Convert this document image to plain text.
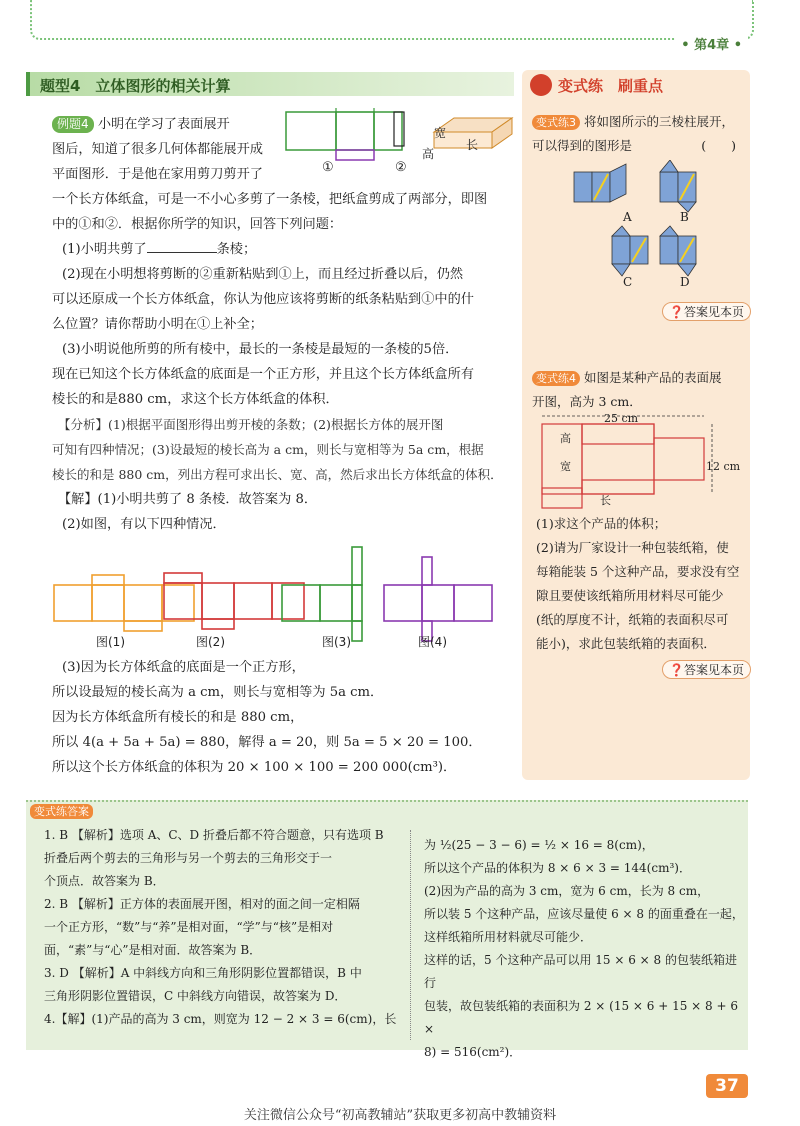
• 第4章 •
题型4　立体图形的相关计算
例题4 小明在学习了表面展开
图后，知道了很多几何体都能展开成
平面图形．于是他在家用剪刀剪开了	①	②
宽
高
长
一个长方体纸盒，可是一不小心多剪了一条棱，把纸盒剪成了两部分，即图
中的①和②．根据你所学的知识，回答下列问题：
(1)小明共剪了	条棱；
(2)现在小明想将剪断的②重新粘贴到①上，而且经过折叠以后，仍然
可以还原成一个长方体纸盒，你认为他应该将剪断的纸条粘贴到①中的什
么位置？请你帮助小明在①上补全；
(3)小明说他所剪的所有棱中，最长的一条棱是最短的一条棱的5倍．
现在已知这个长方体纸盒的底面是一个正方形，并且这个长方体纸盒所有
棱长的和是880 cm，求这个长方体纸盒的体积．
【分析】(1)根据平面图形得出剪开棱的条数；(2)根据长方体的展开图
可知有四种情况；(3)设最短的棱长高为 a cm，则长与宽相等为 5a cm，根据
棱长的和是 880 cm，列出方程可求出长、宽、高，然后求出长方体纸盒的体积．
【解】(1)小明共剪了 8 条棱．故答案为 8．
(2)如图，有以下四种情况．
图(1)	图(2)	图(3)	图(4)
(3)因为长方体纸盒的底面是一个正方形，
所以设最短的棱长高为 a cm，则长与宽相等为 5a cm．
因为长方体纸盒所有棱长的和是 880 cm，
所以 4(a + 5a + 5a) = 880，解得 a = 20，则 5a = 5 × 20 = 100．
所以这个长方体纸盒的体积为 20 × 100 × 100 = 200 000(cm³)．
变式练　刷重点
变式练3 将如图所示的三棱柱展开，
可以得到的图形是	(　　)
A	B
C	D
❓答案见本页
变式练4 如图是某种产品的表面展
开图，高为 3 cm．
25 cm
12 cm
高
宽
长
(1)求这个产品的体积；
(2)请为厂家设计一种包装纸箱，使
每箱能装 5 个这种产品，要求没有空
隙且要使该纸箱所用材料尽可能少
(纸的厚度不计，纸箱的表面积尽可
能小)，求此包装纸箱的表面积．
❓答案见本页
变式练答案
1. B 【解析】选项 A、C、D 折叠后都不符合题意，只有选项 B
折叠后两个剪去的三角形与另一个剪去的三角形交于一
个顶点．故答案为 B．
2. B 【解析】正方体的表面展开图，相对的面之间一定相隔
一个正方形，“数”与“养”是相对面，“学”与“核”是相对
面，“素”与“心”是相对面．故答案为 B．
3. D 【解析】A 中斜线方向和三角形阴影位置都错误，B 中
三角形阴影位置错误，C 中斜线方向错误，故答案为 D．
4.【解】(1)产品的高为 3 cm，则宽为 12 − 2 × 3 = 6(cm)，长
为 ½(25 − 3 − 6) = ½ × 16 = 8(cm)，
所以这个产品的体积为 8 × 6 × 3 = 144(cm³)．
(2)因为产品的高为 3 cm，宽为 6 cm，长为 8 cm，
所以装 5 个这种产品，应该尽量使 6 × 8 的面重叠在一起，
这样纸箱所用材料就尽可能少．
这样的话，5 个这种产品可以用 15 × 6 × 8 的包装纸箱进行
包装，故包装纸箱的表面积为 2 × (15 × 6 + 15 × 8 + 6 ×
8) = 516(cm²)．
37
关注微信公众号“初高教辅站”获取更多初高中教辅资料
